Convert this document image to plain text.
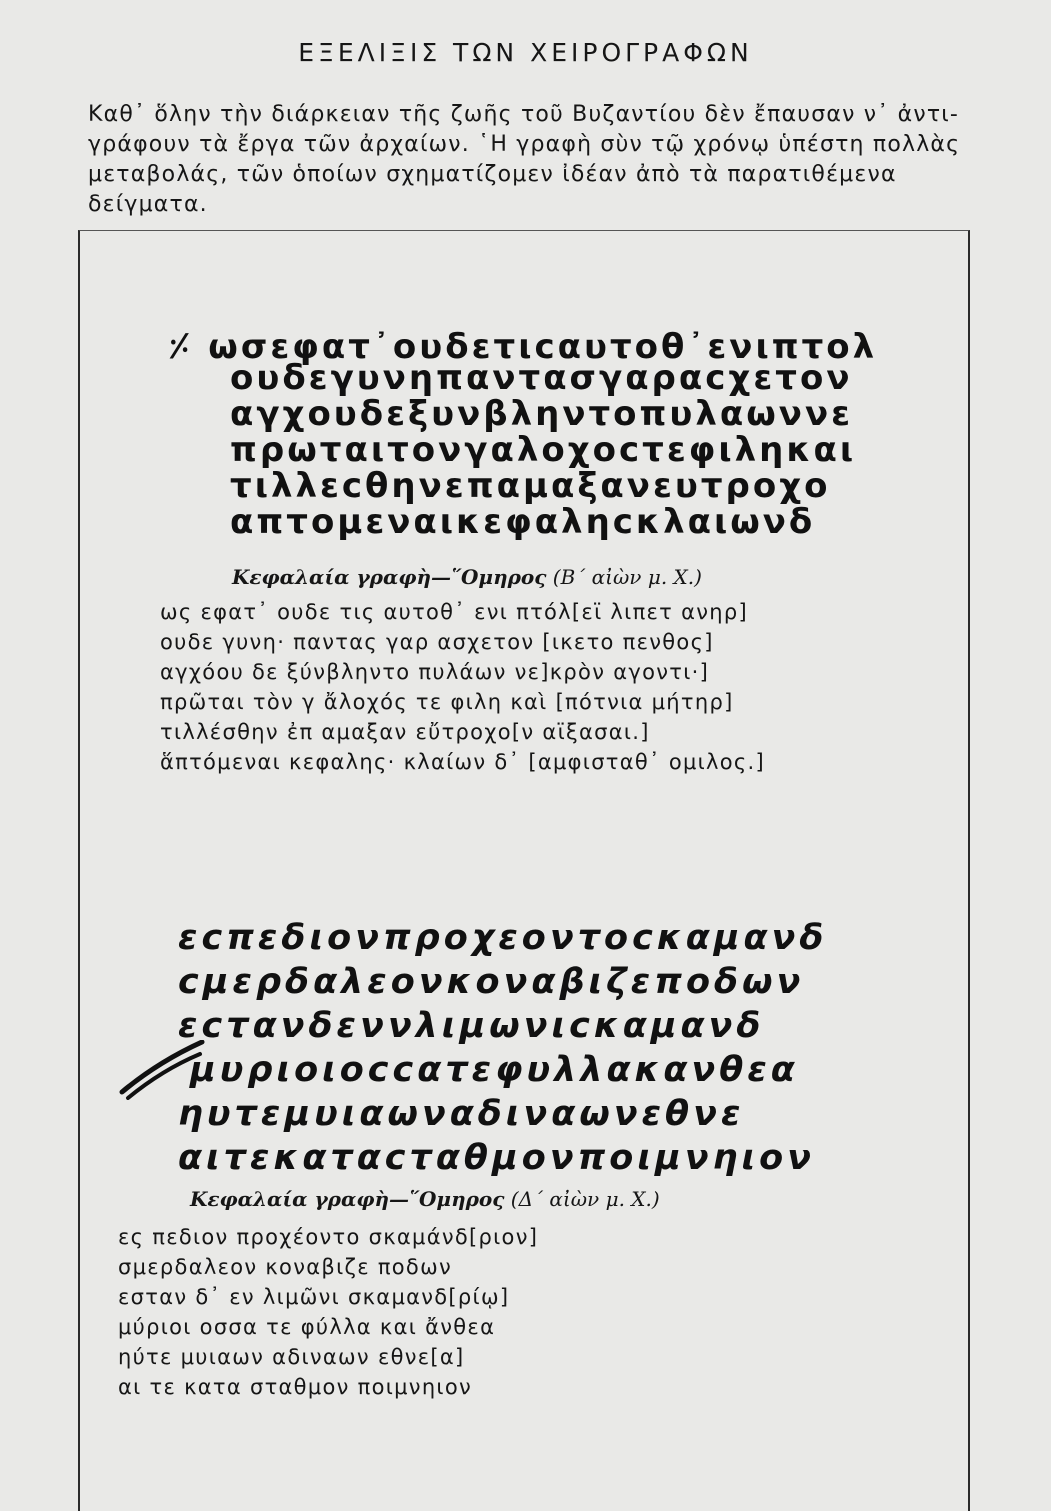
ΕΞΕΛΙΞΙΣ ΤΩΝ ΧΕΙΡΟΓΡΑΦΩΝ
Καθ᾽ ὅλην τὴν διάρκειαν τῆς ζωῆς τοῦ Βυζαντίου δὲν ἔπαυσαν ν᾽ ἀντι-
γράφουν τὰ ἔργα τῶν ἀρχαίων. ῾Η γραφὴ σὺν τῷ χρόνῳ ὑπέστη πολλὰς
μεταβολάς, τῶν ὁποίων σχηματίζομεν ἰδέαν ἀπὸ τὰ παρατιθέμενα
δείγματα.
⸓ ωσεφατ᾽ουδετιcαυτοθ᾽ενιπτολ
ουδεγυνηπαντασγαραcχετον
αγχουδεξυνβληντοπυλαωννε
πρωταιτονγαλοχοcτεφιληκαι
τιλλεcθηνεπαμαξανευτροχο
απτομεναικεφαληcκλαιωνδ
Κεφαλαία γραφὴ—῞Ομηρος (Β΄ αἰὼν μ. Χ.)
ως εφατ᾽ ουδε τις αυτοθ᾽ ενι πτόλ[εϊ λιπετ ανηρ]
ουδε γυνη· παντας γαρ ασχετον [ικετο πενθος]
αγχόου δε ξύνβληντο πυλάων νε]κρὸν αγοντι·]
πρῶται τὸν γ ἄλοχός τε φιλη καὶ [πότνια μήτηρ]
τιλλέσθην ἐπ αμαξαν εὔτροχο[ν αϊξασαι.]
ἅπτόμεναι κεφαλης· κλαίων δ᾽ [αμφισταθ᾽ ομιλος.]
εcπεδιονπροχεοντοcκαμανδ
cμερδαλεονκοναβιζεποδων
εcτανδεννλιμωνιcκαμανδ
μυριοιοccατεφυλλακανθεα
ηυτεμυιαωναδιναωνεθνε
αιτεκαταcταθμονποιμνηιον
Κεφαλαία γραφὴ—῞Ομηρος (Δ΄ αἰὼν μ. Χ.)
ες πεδιον προχέοντο σκαμάνδ[ριον]
σμερδαλεον κοναβιζε ποδων
εσταν δ᾽ εν λιμῶνι σκαμανδ[ρίῳ]
μύριοι οσσα τε φύλλα και ἄνθεα
ηύτε μυιαων αδιναων εθνε[α]
αι τε κατα σταθμον ποιμνηιον
